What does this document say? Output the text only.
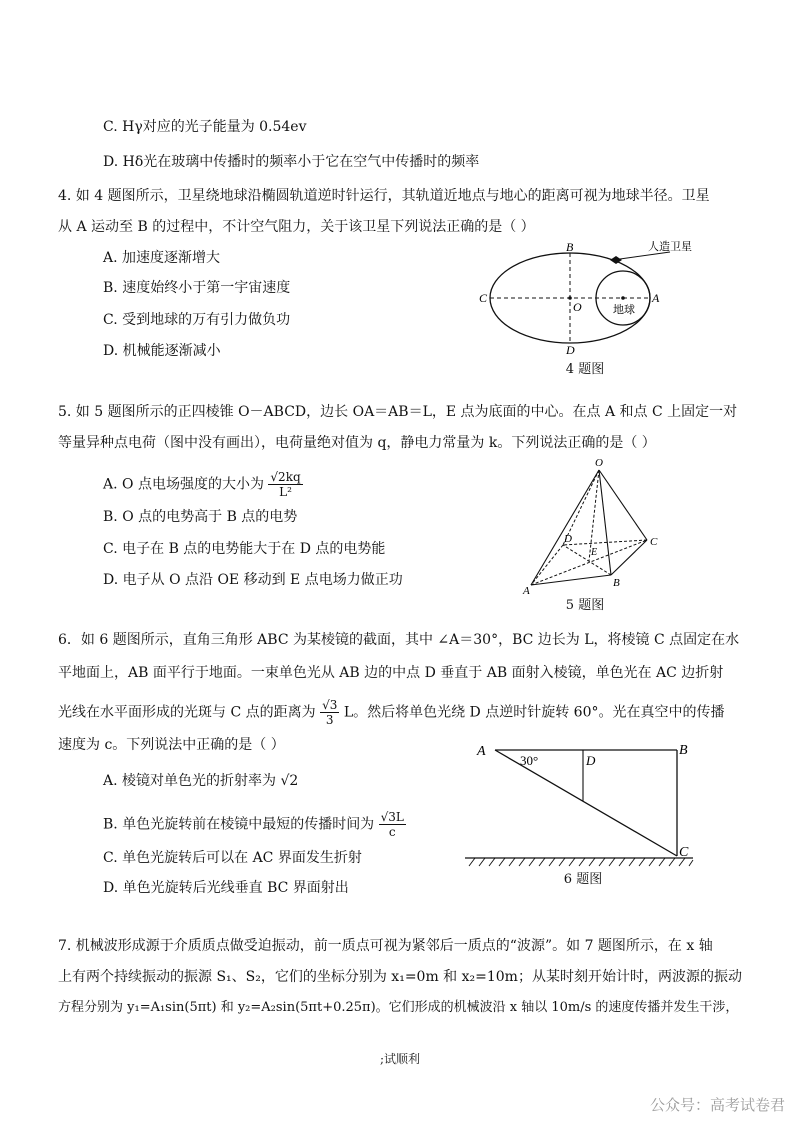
C. Hγ对应的光子能量为 0.54ev
D. Hδ光在玻璃中传播时的频率小于它在空气中传播时的频率
4. 如 4 题图所示，卫星绕地球沿椭圆轨道逆时针运行，其轨道近地点与地心的距离可视为地球半径。卫星
从 A 运动至 B 的过程中，不计空气阻力，关于该卫星下列说法正确的是（ ）
A. 加速度逐渐增大
B. 速度始终小于第一宇宙速度
C. 受到地球的万有引力做负功
D. 机械能逐渐减小
B
C	A
O
D
地球
人造卫星
4 题图
5. 如 5 题图所示的正四棱锥 O－ABCD，边长 OA＝AB＝L，E 点为底面的中心。在点 A 和点 C 上固定一对
等量异种点电荷（图中没有画出），电荷量绝对值为 q，静电力常量为 k。下列说法正确的是（ ）
A. O 点电场强度的大小为 $\frac{√2kq}{\text{L²}}$
B. O 点的电势高于 B 点的电势
C. 电子在 B 点的电势能大于在 D 点的电势能
D. 电子从 O 点沿 OE 移动到 E 点电场力做正功
O
D	C
E
B
A
5 题图
6．如 6 题图所示，直角三角形 ABC 为某棱镜的截面，其中 ∠A＝30°，BC 边长为 L，将棱镜 C 点固定在水
平地面上，AB 面平行于地面。一束单色光从 AB 边的中点 D 垂直于 AB 面射入棱镜，单色光在 AC 边折射
光线在水平面形成的光斑与 C 点的距离为 $\frac{√3}{3}$ L。然后将单色光绕 D 点逆时针旋转 60°。光在真空中的传播
速度为 c。下列说法中正确的是（ ）
A. 棱镜对单色光的折射率为 √2
B. 单色光旋转前在棱镜中最短的传播时间为 $\frac{√3L}{c}$
C. 单色光旋转后可以在 AC 界面发生折射
D. 单色光旋转后光线垂直 BC 界面射出
A
30°	D
B
C
6 题图
7. 机械波形成源于介质质点做受迫振动，前一质点可视为紧邻后一质点的“波源”。如 7 题图所示，在 x 轴
上有两个持续振动的振源 S₁、S₂，它们的坐标分别为 x₁=0m 和 x₂=10m；从某时刻开始计时，两波源的振动
方程分别为 y₁=A₁sin(5πt) 和 y₂=A₂sin(5πt+0.25π)。它们形成的机械波沿 x 轴以 10m/s 的速度传播并发生干涉，
;试顺利
公众号：高考试卷君
